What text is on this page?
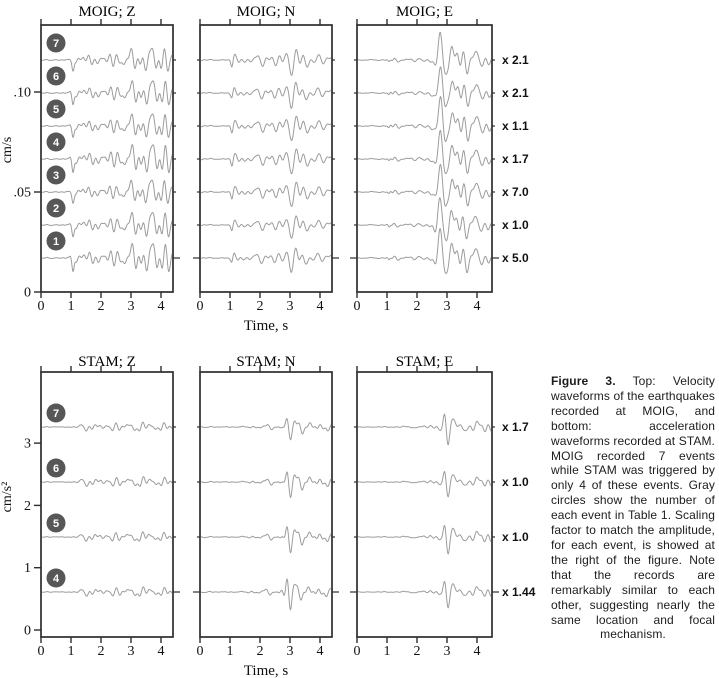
0 1 2 3 4
0
.05
.10
cm/s
7
6
5
4
3
2
1
MOIG; Z
0 1 2 3 4
MOIG; N
Time, s
0 1 2 3 4
x 2.1
x 2.1
x 1.1
x 1.7
x 7.0
x 1.0
x 5.0
MOIG; E
0 1 2 3 4
0
1
2
3
cm/s²
7
6
5
4
STAM; Z
0 1 2 3 4
STAM; N
Time, s
0 1 2 3 4
x 1.7
x 1.0
x 1.0
x 1.44
STAM; E
Figure 3. Top: Velocity waveforms of the earthquakes recorded at MOIG, and bottom: acceleration waveforms recorded at STAM. MOIG recorded 7 events while STAM was triggered by only 4 of these events. Gray circles show the number of each event in Table 1. Scaling factor to match the amplitude, for each event, is showed at the right of the figure. Note that the records are remarkably similar to each other, suggesting nearly the same location and focal mechanism.
